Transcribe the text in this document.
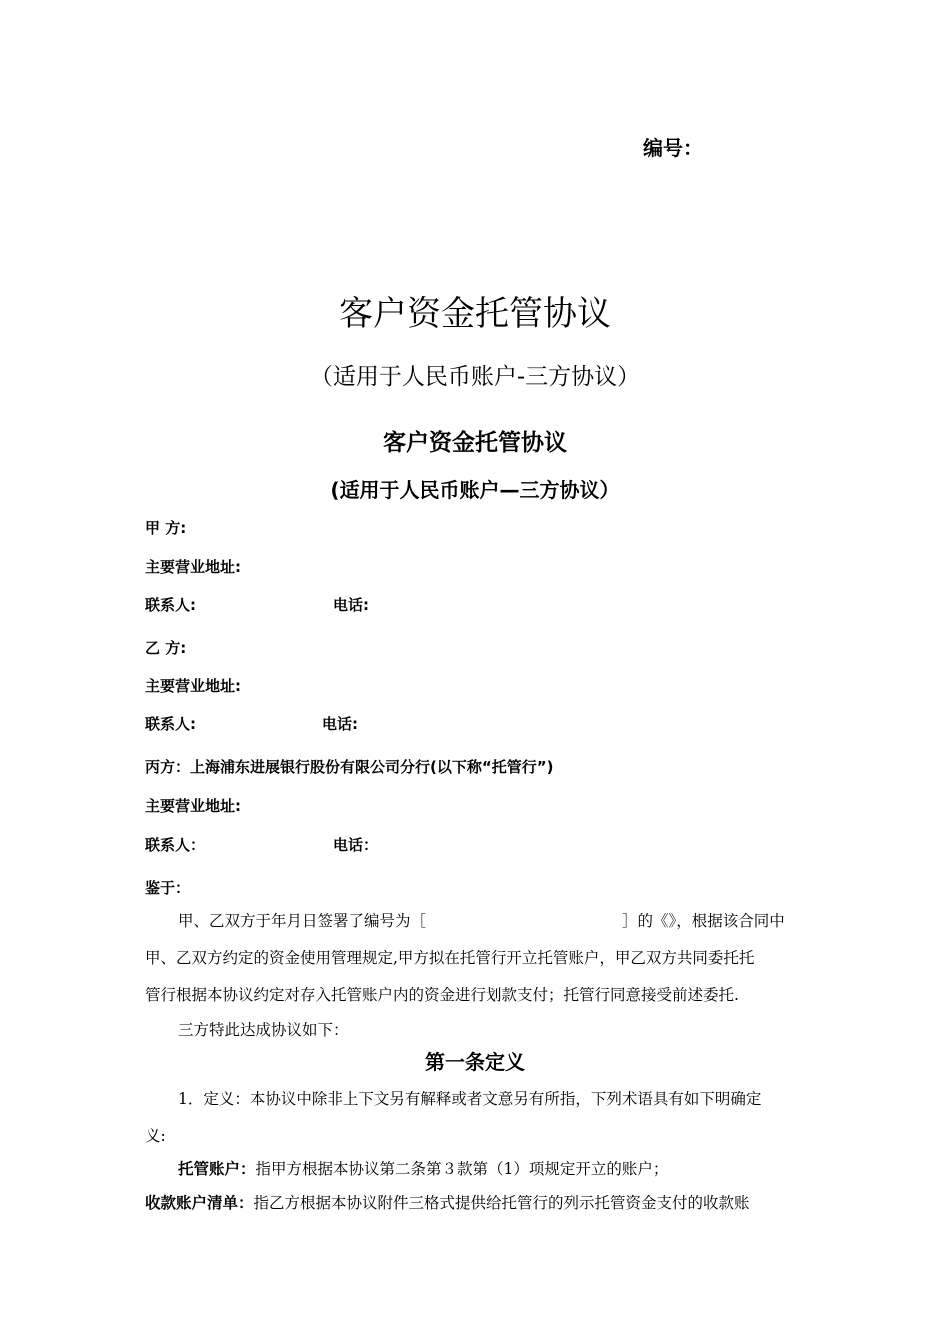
编号：
客户资金托管协议
（适用于人民币账户-三方协议）
客户资金托管协议
(适用于人民币账户—三方协议）
甲 方:
主要营业地址:
联系人:	电话:
乙 方:
主要营业地址:
联系人:	电话:
丙方：上海浦东进展银行股份有限公司分行(以下称“托管行”)
主要营业地址:
联系人：	电话：
鉴于：
甲、乙双方于年月日签署了编号为［	］的《》，根据该合同中
甲、乙双方约定的资金使用管理规定,甲方拟在托管行开立托管账户，甲乙双方共同委托托
管行根据本协议约定对存入托管账户内的资金进行划款支付；托管行同意接受前述委托.
三方特此达成协议如下：
第一条定义
1．定义：本协议中除非上下文另有解释或者文意另有所指，下列术语具有如下明确定
义:
托管账户：指甲方根据本协议第二条第３款第（1）项规定开立的账户；
收款账户清单：指乙方根据本协议附件三格式提供给托管行的列示托管资金支付的收款账
